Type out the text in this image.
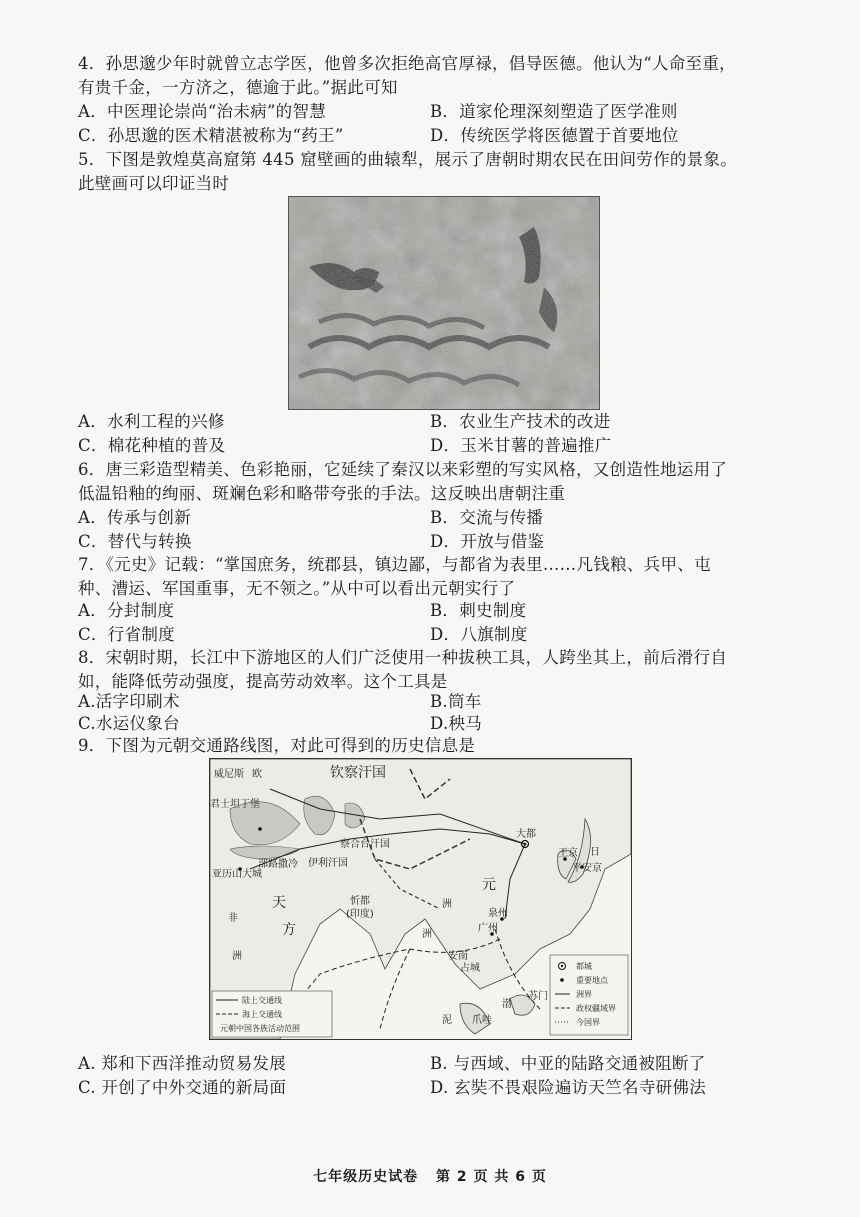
4．孙思邈少年时就曾立志学医，他曾多次拒绝高官厚禄，倡导医德。他认为“人命至重，
有贵千金，一方济之，德逾于此。”据此可知
A．中医理论崇尚“治未病”的智慧	B．道家伦理深刻塑造了医学准则
C．孙思邈的医术精湛被称为“药王”	D．传统医学将医德置于首要地位
5．下图是敦煌莫高窟第 445 窟壁画的曲辕犁，展示了唐朝时期农民在田间劳作的景象。
此壁画可以印证当时
A．水利工程的兴修	B．农业生产技术的改进
C．棉花种植的普及	D．玉米甘薯的普遍推广
6．唐三彩造型精美、色彩艳丽，它延续了秦汉以来彩塑的写实风格，又创造性地运用了
低温铅釉的绚丽、斑斓色彩和略带夸张的手法。这反映出唐朝注重
A．传承与创新	B．交流与传播
C．替代与转换	D．开放与借鉴
7．《元史》记载：“掌国庶务，统郡县，镇边鄙，与都省为表里……凡钱粮、兵甲、屯
种、漕运、军国重事，无不领之。”从中可以看出元朝实行了
A．分封制度	B．刺史制度
C．行省制度	D．八旗制度
8．宋朝时期，长江中下游地区的人们广泛使用一种拔秧工具，人跨坐其上，前后滑行自
如，能降低劳动强度，提高劳动效率。这个工具是
A.活字印刷术	B.筒车
C.水运仪象台	D.秧马
9．下图为元朝交通路线图，对此可得到的历史信息是
威尼斯 欧	钦察汗国
君士坦丁堡
察合台汗国
伊利汗国
部路撒冷
亚历山大城
天
方
非
洲
忻都
(印度)
大都
元
王京 日
平安京
泉州
广州
安南
占城
苏门
渤
泥 爪哇
洲
洲
陆上交通线
海上交通线
元朝中国各族活动范围
都城
重要地点
洲界
政权疆域界
今国界
A. 郑和下西洋推动贸易发展	B. 与西域、中亚的陆路交通被阻断了
C. 开创了中外交通的新局面	D. 玄奘不畏艰险遍访天竺名寺研佛法
七年级历史试卷 第 2 页 共 6 页
